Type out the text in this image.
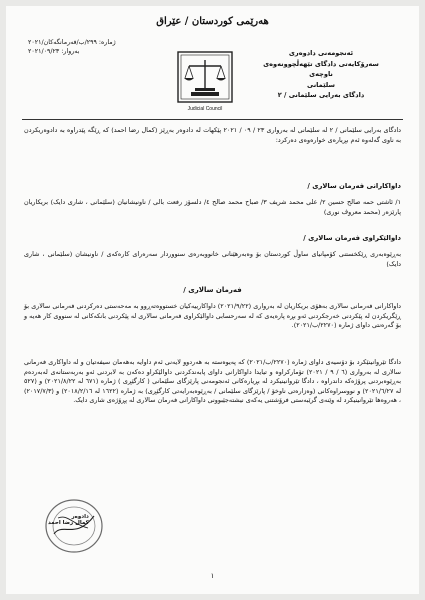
هەرێمی کوردستان / عێراق
ژمارە: ٢٩٩/ب/فەرمانگەکان/٢٠٢١
بەروار: ٢٠٢١/٠٩/٢٣
Judicial Council
ئەنجومەنی دادوەری
سەرۆکایەتی دادگای تێهەڵچوونەوەی ناوچەی
سلێمانی
دادگای بەرایی سلێمانی / ٢
دادگای بەرایی سلێمانی / ٢ لە سلێمانی لە بەرواری ٢٣ / ٠٩ / ٢٠٢١ پێکهات لە دادوەر بەڕێز (کمال رضا احمد) کە ڕێگە پێدراوە بە دادوەریکردن بە ناوی گەلەوە ئەم بڕیارەی خوارەوەی دەرکرد:
داواکارانی فەرمان سالاری /
١/ ئاشتی حمە صالح حسین ٢/ علی محمد شریف ٣/ صباح محمد صالح ٤/ دلسۆز رفعت بالی / ناونیشانیان (سلێمانی ، شاری دایک) بریکاریان پارێزەر (محمد معروف نوری)
داوالێکراوی فەرمان سالاری /
بەڕێوەبەری ڕێکخستنی کۆمپانیای ساوڵ کوردستان بۆ وەبەرهێنانی خانووبەرەی سنووردار سەرەرای کارەکەی / ناونیشان (سلێمانی ، شاری دایک)
فەرمان سالاری /
داواکارانی فەرمانی سالاری بەهۆی بریکاریان لە بەرواری (٢٠٢١/٩/٢٢) داواکارییەکیان خستووەتەڕوو بە مەحەستی دەرکردنی فەرمانی سالاری بۆ ڕێگریکردن لە پێکردنی خەرجکردنی ئەو بڕە پارەیەی کە لە سەرحسابی داوالێکراوی فەرمانی سالاری لە پێکردنی بانکەکانی لە سنووی کار هەیە و بۆ گەرەنتی داوای ژمارە (٢٢٧٠/ب/٢٠٢١).
دادگا تێروانینێکرد بۆ دۆسیەی داوای ژمارە (٢٢٧٠/ب/٢٠٢١) کە پەیوەستە بە هەردوو لایەنی ئەم داوایە بەهەمان سیفەتیان و لە داواکاری فەرمانی سالاری لە بەرواری (٦ / ٩ / ٢٠٢١) تۆمارکراوە و تیایدا داواکارانی داوای پابەندکردنی داوالێکراو دەکەن بە لابردنی ئەو بەربەستانەی لەبەردەم بەڕێوەبردنی پرۆژەکە داندراوە ، دادگا تێروانینیکرد لە بڕیارەکانی ئەنجومەنی پارێزگای سلێمانی ( کارگێڕی ) ژمارە (٦٧١ لە ٢٠٢١/٨/٢٢) و (٥٢٧ لە ٢٠٢١/٦/٢٧) و نووسراوەکانی (وەزارەتی ناوخۆ / پارێزگای سلێمانی / بەڕێوەبەرایەتی کارگێڕی) بە ژمارە (١٦٢٢ لە ٢٠١٨/٢/١٦) و (٢٠١٧/٧/٣) ، هەروەها تێروانینیکرد لە وێنەی گرێبەستی فرۆشتنی یەکەی نیشتەجێبوونی داواکارانی فەرمان سالاری لە پڕۆژەی شاری دایک.
دادوەر
کمال رضا احمد
١
